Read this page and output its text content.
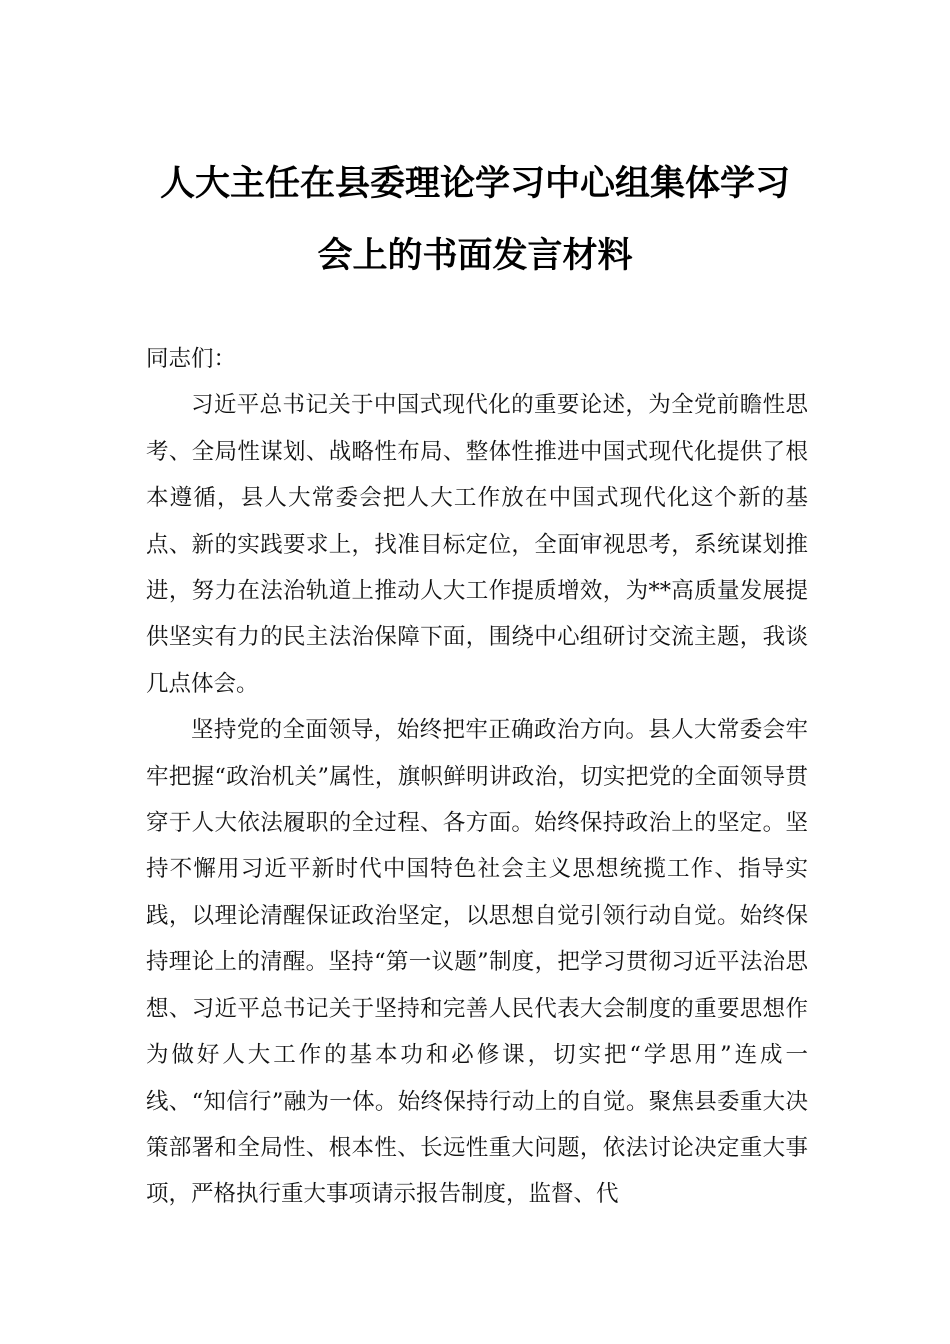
人大主任在县委理论学习中心组集体学习
会上的书面发言材料

同志们：

习近平总书记关于中国式现代化的重要论述，为全党前瞻性思考、全局性谋划、战略性布局、整体性推进中国式现代化提供了根本遵循，县人大常委会把人大工作放在中国式现代化这个新的基点、新的实践要求上，找准目标定位，全面审视思考，系统谋划推进，努力在法治轨道上推动人大工作提质增效，为**高质量发展提供坚实有力的民主法治保障下面，围绕中心组研讨交流主题，我谈几点体会。

坚持党的全面领导，始终把牢正确政治方向。县人大常委会牢牢把握“政治机关”属性，旗帜鲜明讲政治，切实把党的全面领导贯穿于人大依法履职的全过程、各方面。始终保持政治上的坚定。坚持不懈用习近平新时代中国特色社会主义思想统揽工作、指导实践，以理论清醒保证政治坚定，以思想自觉引领行动自觉。始终保持理论上的清醒。坚持“第一议题”制度，把学习贯彻习近平法治思想、习近平总书记关于坚持和完善人民代表大会制度的重要思想作为做好人大工作的基本功和必修课，切实把“学思用”连成一线、“知信行”融为一体。始终保持行动上的自觉。聚焦县委重大决策部署和全局性、根本性、长远性重大问题，依法讨论决定重大事项，严格执行重大事项请示报告制度，监督、代
